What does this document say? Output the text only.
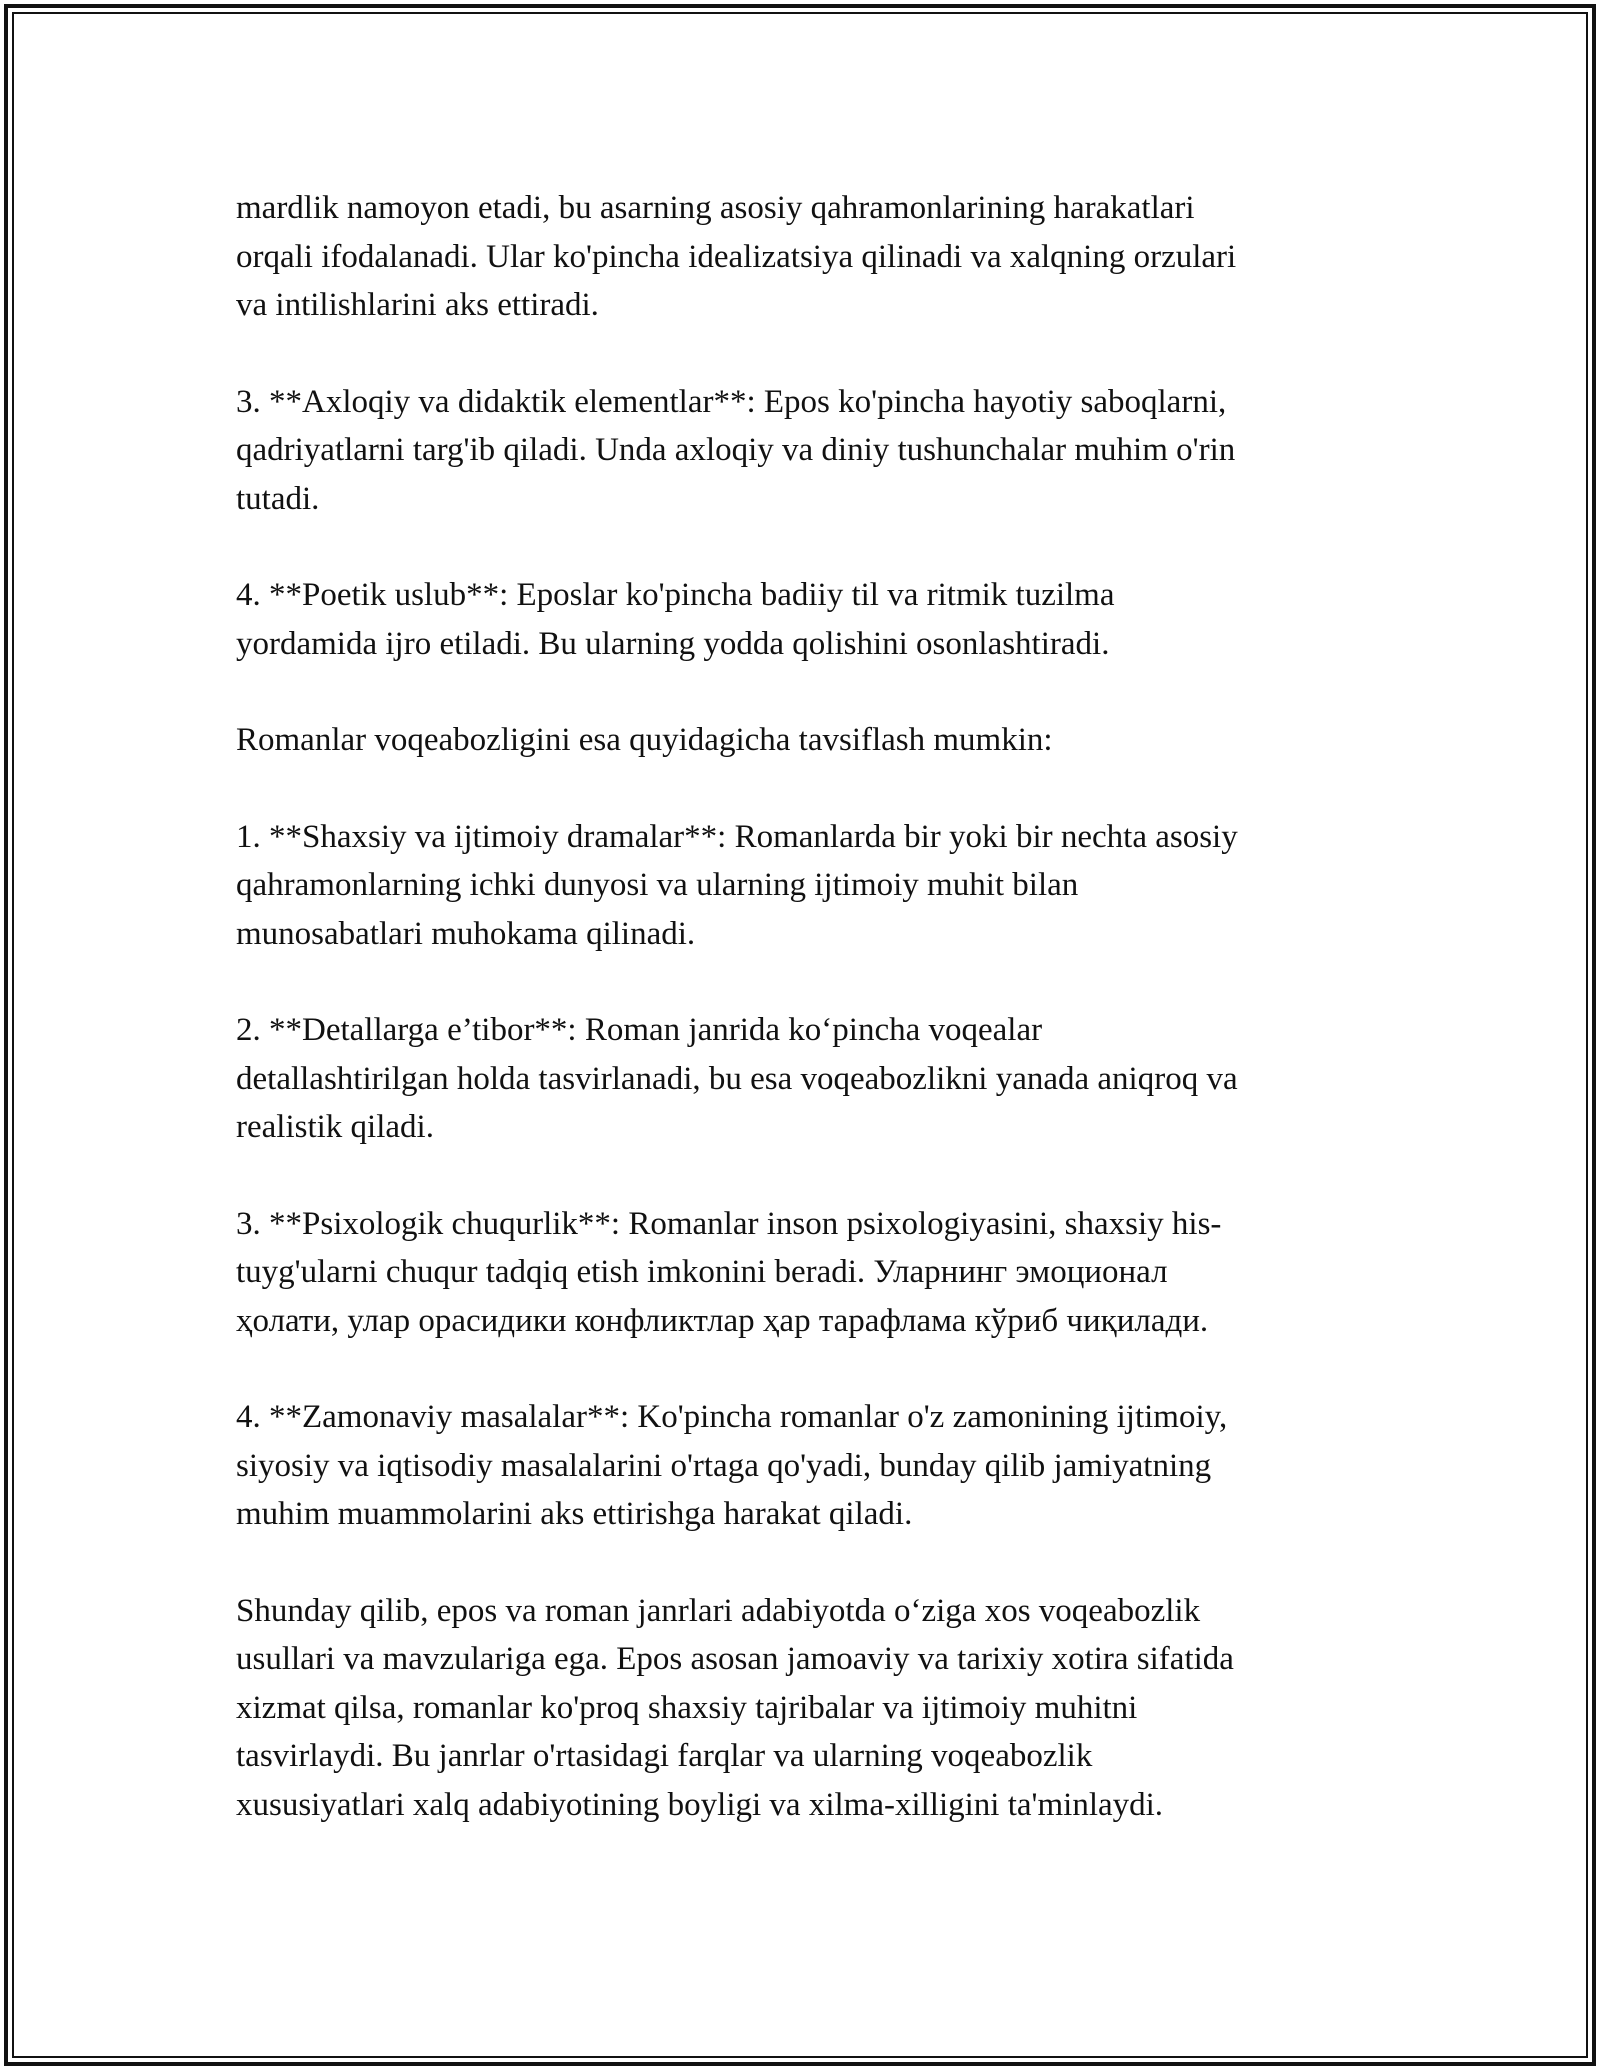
mardlik namoyon etadi, bu asarning asosiy qahramonlarining harakatlari
orqali ifodalanadi. Ular ko'pincha idealizatsiya qilinadi va xalqning orzulari
va intilishlarini aks ettiradi.

3. **Axloqiy va didaktik elementlar**: Epos ko'pincha hayotiy saboqlarni,
qadriyatlarni targ'ib qiladi. Unda axloqiy va diniy tushunchalar muhim o'rin
tutadi.

4. **Poetik uslub**: Eposlar ko'pincha badiiy til va ritmik tuzilma
yordamida ijro etiladi. Bu ularning yodda qolishini osonlashtiradi.

Romanlar voqeabozligini esa quyidagicha tavsiflash mumkin:

1. **Shaxsiy va ijtimoiy dramalar**: Romanlarda bir yoki bir nechta asosiy
qahramonlarning ichki dunyosi va ularning ijtimoiy muhit bilan
munosabatlari muhokama qilinadi.

2. **Detallarga e’tibor**: Roman janrida ko‘pincha voqealar
detallashtirilgan holda tasvirlanadi, bu esa voqeabozlikni yanada aniqroq va
realistik qiladi.

3. **Psixologik chuqurlik**: Romanlar inson psixologiyasini, shaxsiy his-
tuyg'ularni chuqur tadqiq etish imkonini beradi. Уларнинг эмоционал
ҳолати, улар орасидики конфликтлар ҳар тарафлама кўриб чиқилади.

4. **Zamonaviy masalalar**: Ko'pincha romanlar o'z zamonining ijtimoiy,
siyosiy va iqtisodiy masalalarini o'rtaga qo'yadi, bunday qilib jamiyatning
muhim muammolarini aks ettirishga harakat qiladi.

Shunday qilib, epos va roman janrlari adabiyotda o‘ziga xos voqeabozlik
usullari va mavzulariga ega. Epos asosan jamoaviy va tarixiy xotira sifatida
xizmat qilsa, romanlar ko'proq shaxsiy tajribalar va ijtimoiy muhitni
tasvirlaydi. Bu janrlar o'rtasidagi farqlar va ularning voqeabozlik
xususiyatlari xalq adabiyotining boyligi va xilma-xilligini ta'minlaydi.
